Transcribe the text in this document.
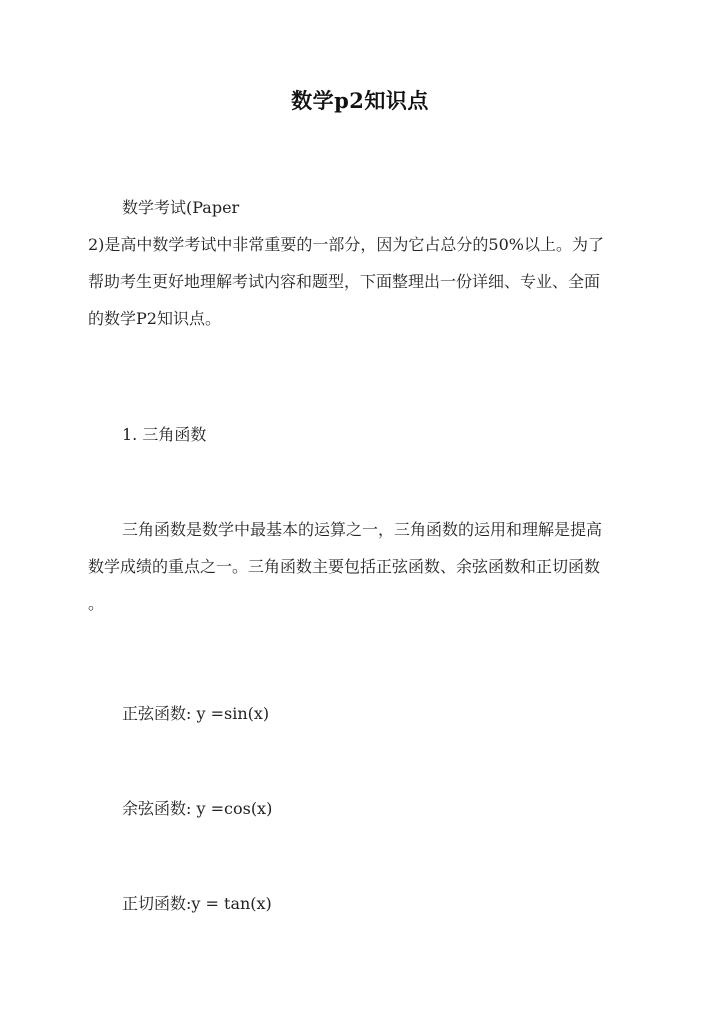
数学p2知识点
数学考试(Paper
2)是高中数学考试中非常重要的一部分，因为它占总分的50%以上。为了
帮助考生更好地理解考试内容和题型，下面整理出一份详细、专业、全面
的数学P2知识点。
1. 三角函数
三角函数是数学中最基本的运算之一，三角函数的运用和理解是提高
数学成绩的重点之一。三角函数主要包括正弦函数、余弦函数和正切函数
。
正弦函数: y =sin(x)
余弦函数: y =cos(x)
正切函数:y = tan(x)
